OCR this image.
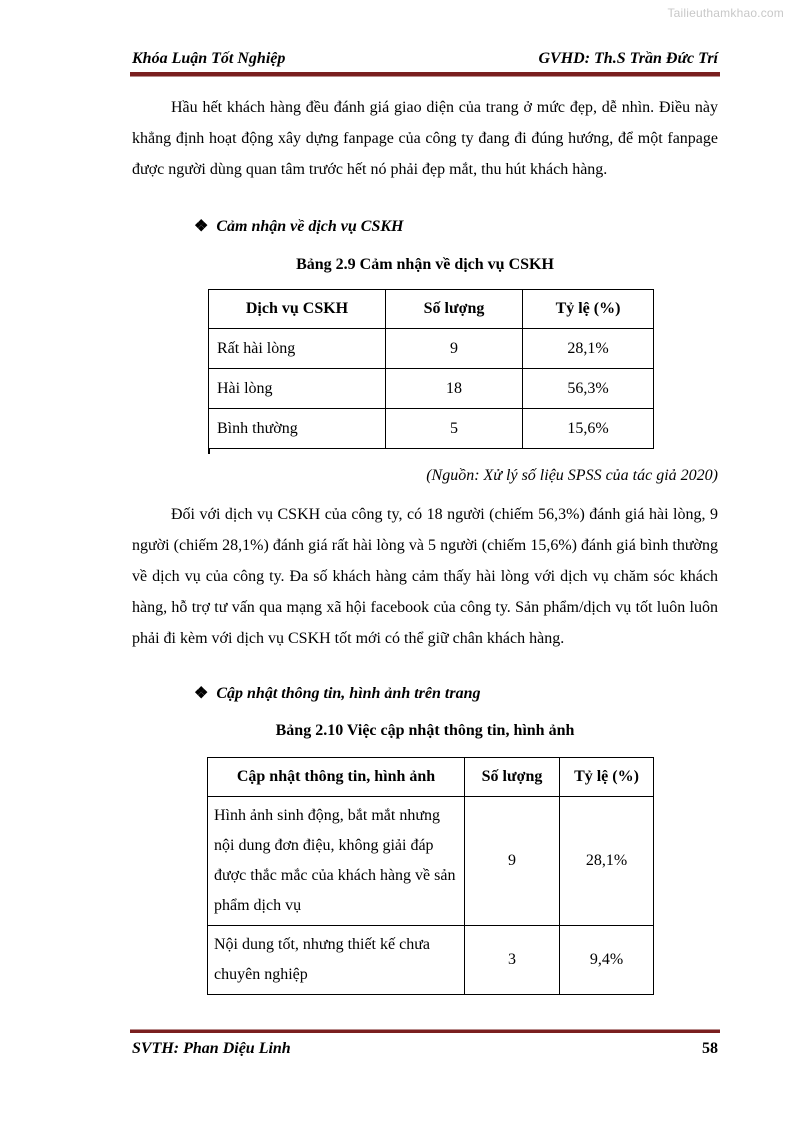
Tailieuthamkhao.com
Khóa Luận Tốt Nghiệp	GVHD: Th.S Trần Đức Trí

Hầu hết khách hàng đều đánh giá giao diện của trang ở mức đẹp, dễ nhìn. Điều này khẳng định hoạt động xây dựng fanpage của công ty đang đi đúng hướng, để một fanpage được người dùng quan tâm trước hết nó phải đẹp mắt, thu hút khách hàng.

❖ Cảm nhận về dịch vụ CSKH
Bảng 2.9 Cảm nhận về dịch vụ CSKH
Dịch vụ CSKH	Số lượng	Tỷ lệ (%)
Rất hài lòng	9	28,1%
Hài lòng	18	56,3%
Bình thường	5	15,6%
(Nguồn: Xử lý số liệu SPSS của tác giả 2020)

Đối với dịch vụ CSKH của công ty, có 18 người (chiếm 56,3%) đánh giá hài lòng, 9 người (chiếm 28,1%) đánh giá rất hài lòng và 5 người (chiếm 15,6%) đánh giá bình thường về dịch vụ của công ty. Đa số khách hàng cảm thấy hài lòng với dịch vụ chăm sóc khách hàng, hỗ trợ tư vấn qua mạng xã hội facebook của công ty. Sản phẩm/dịch vụ tốt luôn luôn phải đi kèm với dịch vụ CSKH tốt mới có thể giữ chân khách hàng.

❖ Cập nhật thông tin, hình ảnh trên trang
Bảng 2.10 Việc cập nhật thông tin, hình ảnh
Cập nhật thông tin, hình ảnh	Số lượng	Tỷ lệ (%)
Hình ảnh sinh động, bắt mắt nhưng nội dung đơn điệu, không giải đáp được thắc mắc của khách hàng về sản phẩm dịch vụ	9	28,1%
Nội dung tốt, nhưng thiết kế chưa chuyên nghiệp	3	9,4%
SVTH: Phan Diệu Linh	58
